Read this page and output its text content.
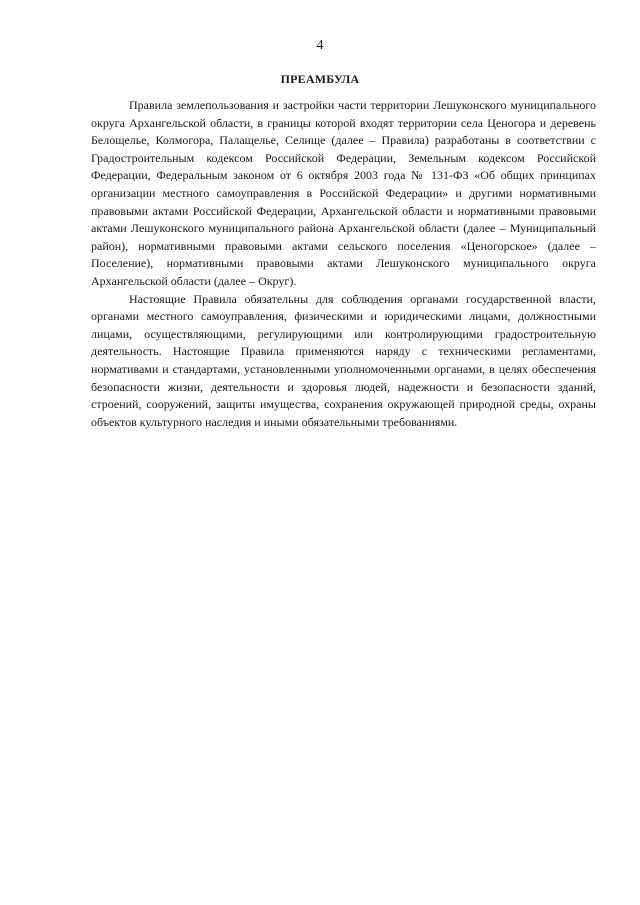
4
ПРЕАМБУЛА

Правила землепользования и застройки части территории Лешуконского муниципального округа Архангельской области, в границы которой входят территории села Ценогора и деревень Белощелье, Колмогора, Палащелье, Селище (далее – Правила) разработаны в соответствии с Градостроительным кодексом Российской Федерации, Земельным кодексом Российской Федерации, Федеральным законом от 6 октября 2003 года № 131-ФЗ «Об общих принципах организации местного самоуправления в Российской Федерации» и другими нормативными правовыми актами Российской Федерации, Архангельской области и нормативными правовыми актами Лешуконского муниципального района Архангельской области (далее – Муниципальный район), нормативными правовыми актами сельского поселения «Ценогорское» (далее – Поселение), нормативными правовыми актами Лешуконского муниципального округа Архангельской области (далее – Округ).

Настоящие Правила обязательны для соблюдения органами государственной власти, органами местного самоуправления, физическими и юридическими лицами, должностными лицами, осуществляющими, регулирующими или контролирующими градостроительную деятельность. Настоящие Правила применяются наряду с техническими регламентами, нормативами и стандартами, установленными уполномоченными органами, в целях обеспечения безопасности жизни, деятельности и здоровья людей, надежности и безопасности зданий, строений, сооружений, защиты имущества, сохранения окружающей природной среды, охраны объектов культурного наследия и иными обязательными требованиями.
